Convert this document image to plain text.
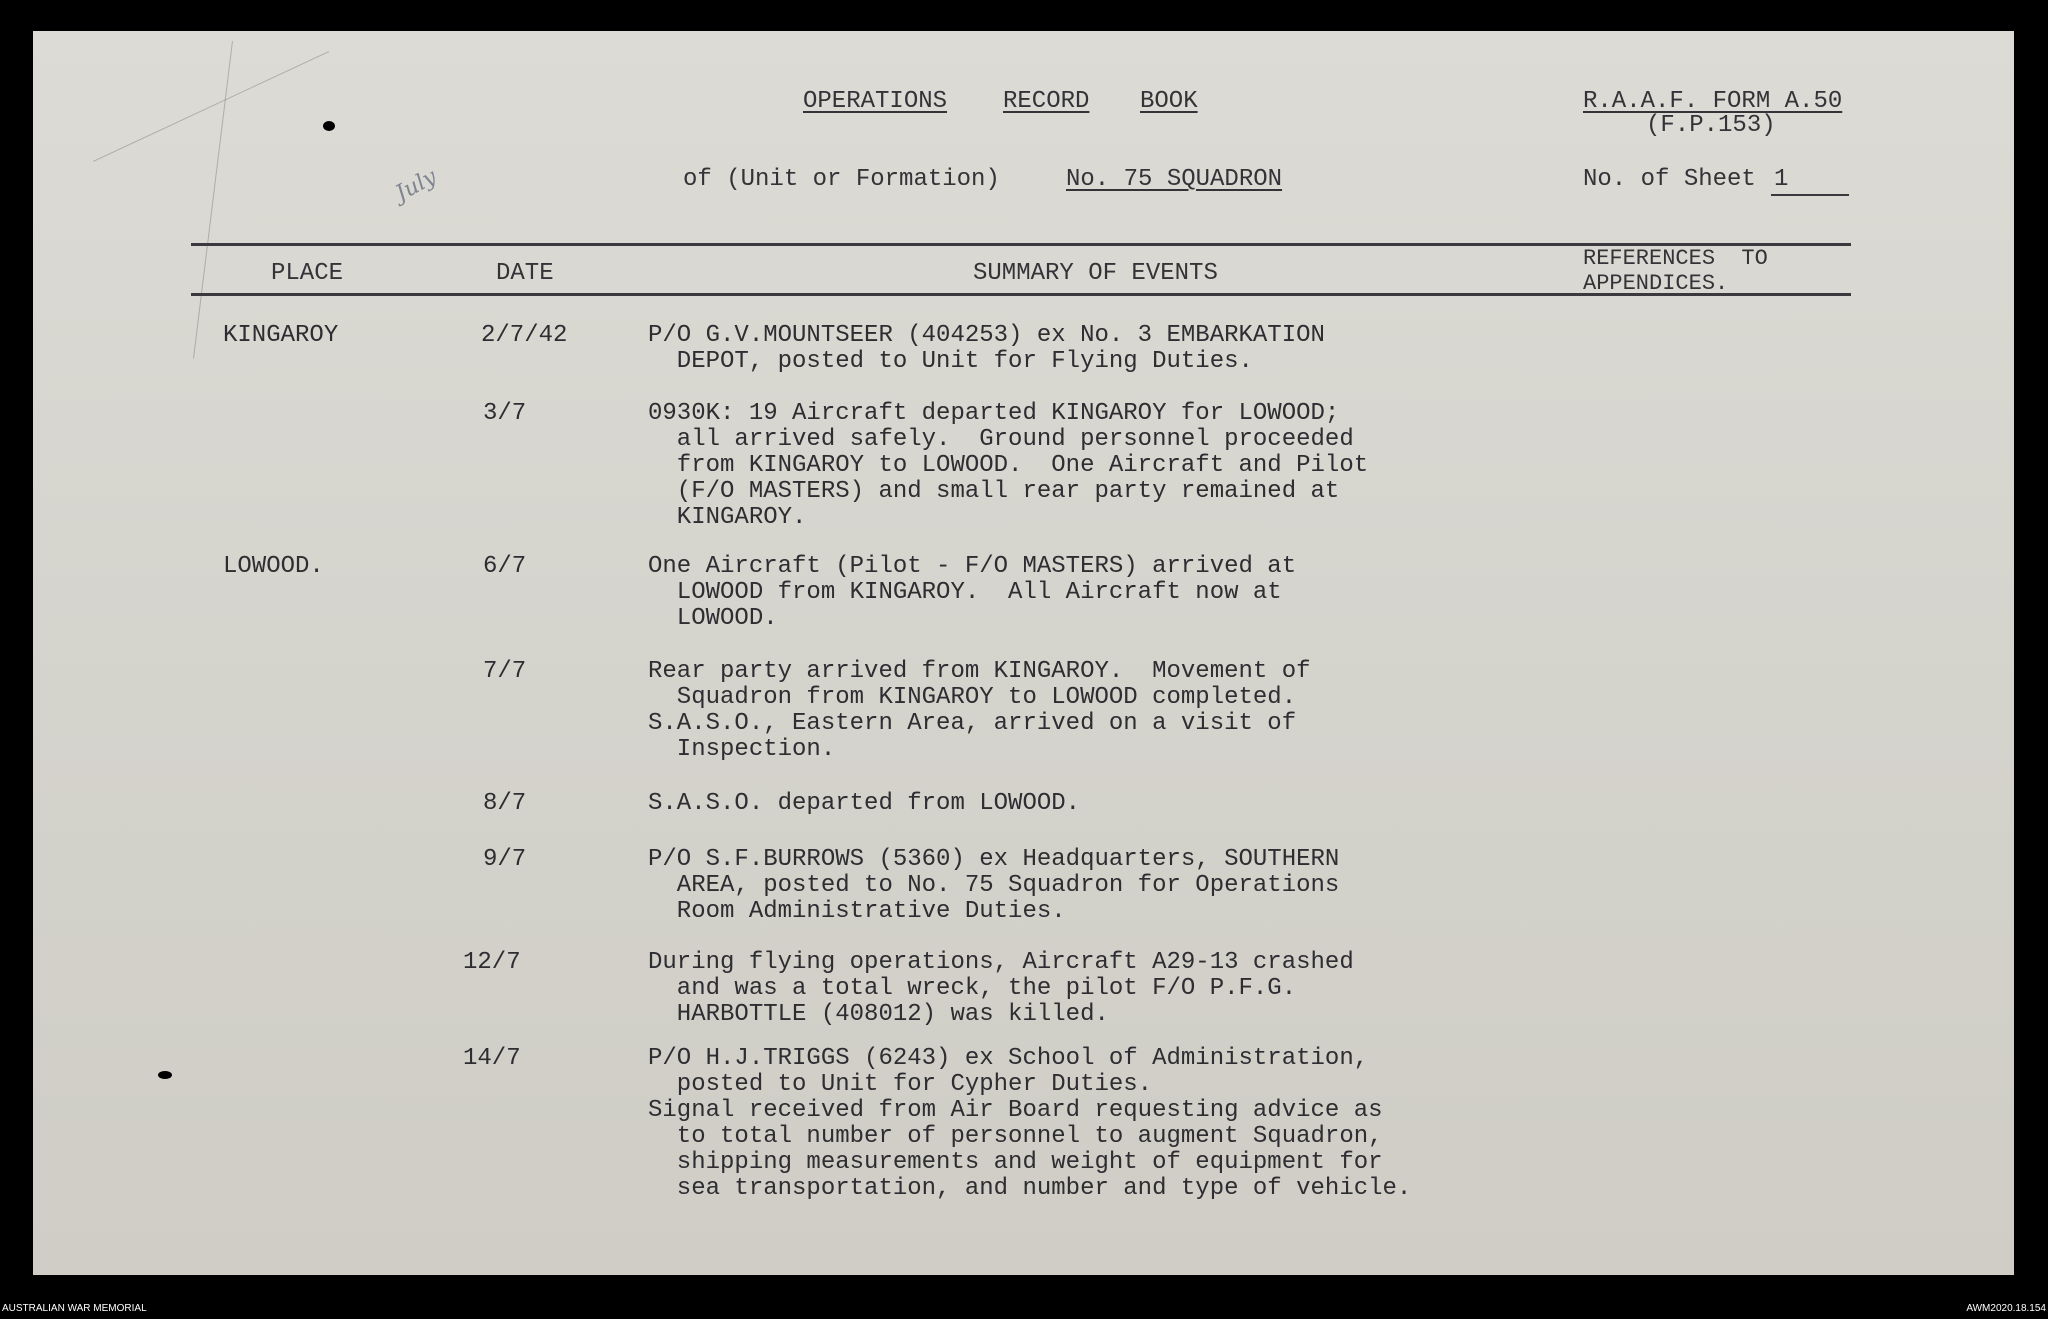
OPERATIONS RECORD BOOK	R.A.A.F. FORM A.50
(F.P.153)
July	of (Unit or Formation)	No. 75 SQUADRON	No. of Sheet 1
PLACE	DATE	SUMMARY OF EVENTS
REFERENCES  TO
APPENDICES.
KINGAROY	2/7/42	P/O G.V.MOUNTSEER (404253) ex No. 3 EMBARKATION
DEPOT, posted to Unit for Flying Duties.
3/7	0930K: 19 Aircraft departed KINGAROY for LOWOOD;
all arrived safely.  Ground personnel proceeded
from KINGAROY to LOWOOD.  One Aircraft and Pilot
(F/O MASTERS) and small rear party remained at
KINGAROY.
LOWOOD.	6/7	One Aircraft (Pilot - F/O MASTERS) arrived at
LOWOOD from KINGAROY.  All Aircraft now at
LOWOOD.
7/7	Rear party arrived from KINGAROY.  Movement of
Squadron from KINGAROY to LOWOOD completed.
S.A.S.O., Eastern Area, arrived on a visit of
Inspection.
8/7	S.A.S.O. departed from LOWOOD.
9/7	P/O S.F.BURROWS (5360) ex Headquarters, SOUTHERN
AREA, posted to No. 75 Squadron for Operations
Room Administrative Duties.
12/7	During flying operations, Aircraft A29-13 crashed
and was a total wreck, the pilot F/O P.F.G.
HARBOTTLE (408012) was killed.
14/7	P/O H.J.TRIGGS (6243) ex School of Administration,
posted to Unit for Cypher Duties.
Signal received from Air Board requesting advice as
to total number of personnel to augment Squadron,
shipping measurements and weight of equipment for
sea transportation, and number and type of vehicle.
AUSTRALIAN WAR MEMORIAL	AWM2020.18.154
